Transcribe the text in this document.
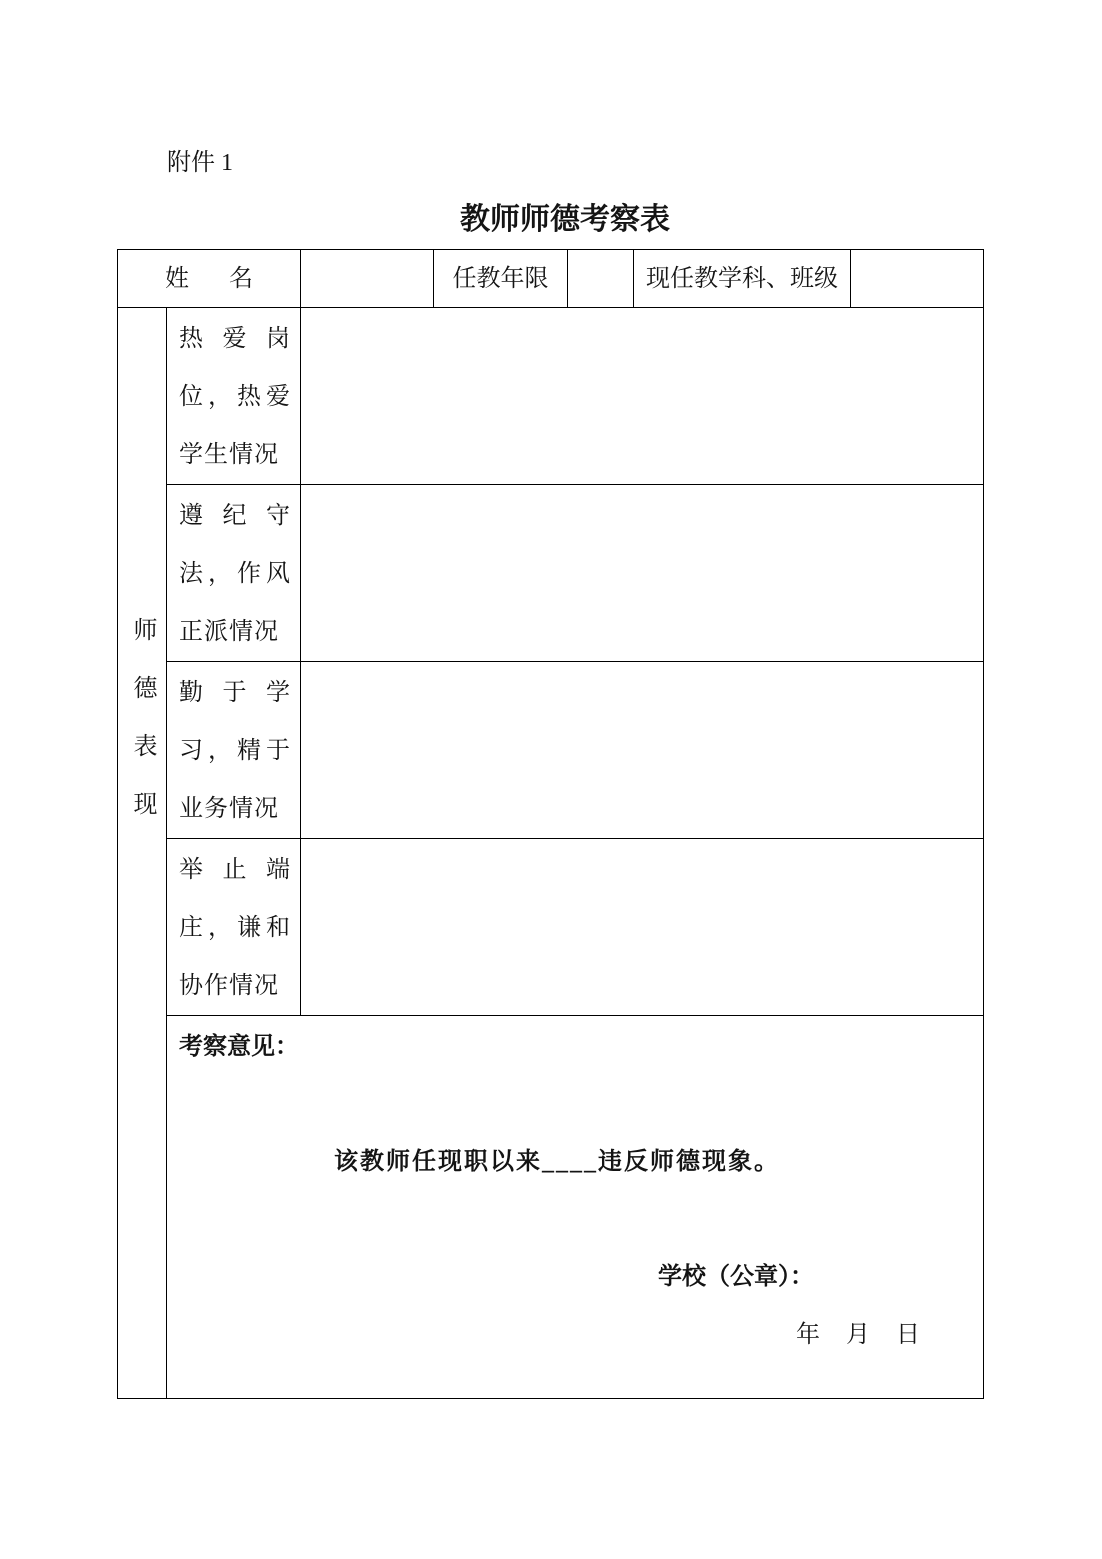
附件 1
教师师德考察表
姓名			任教年限		现任教学科、班级	

师德表现	热爱岗
位，热爱
学生情况					

	遵纪守
法，作风
正派情况					

	勤于学
习，精于
业务情况					

	举止端
庄，谦和
协作情况					

	考察意见：
该教师任现职以来____违反师德现象。
学校（公章）：
年　月　日					
